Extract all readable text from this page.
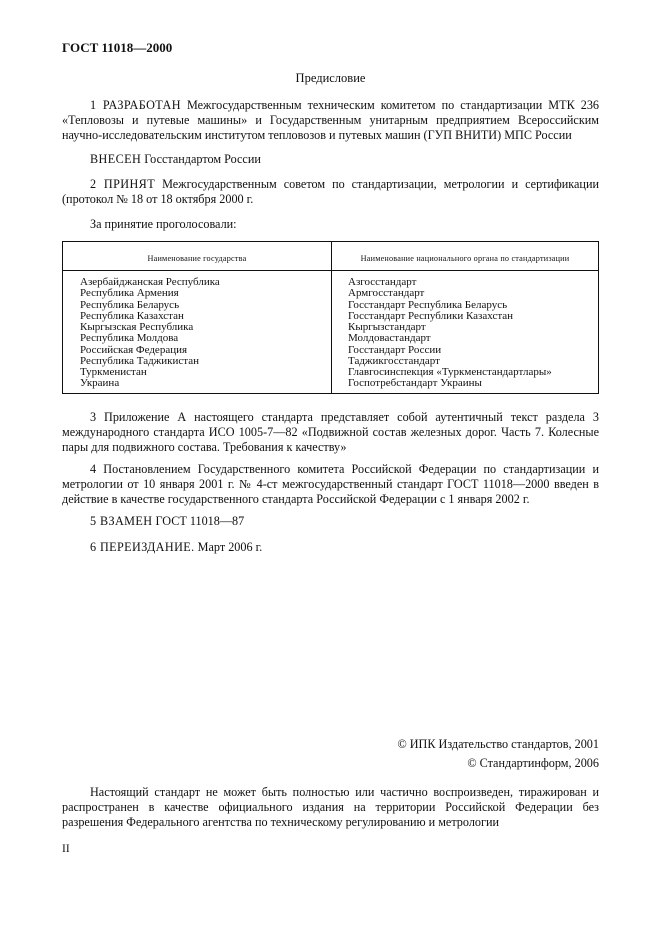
ГОСТ 11018—2000
Предисловие
1 РАЗРАБОТАН Межгосударственным техническим комитетом по стандартизации МТК 236 «Тепловозы и путевые машины» и Государственным унитарным предприятием Всероссийским научно-исследовательским институтом тепловозов и путевых машин (ГУП ВНИТИ) МПС России
ВНЕСЕН Госстандартом России
2 ПРИНЯТ Межгосударственным советом по стандартизации, метрологии и сертификации (протокол № 18 от 18 октября 2000 г.
За принятие проголосовали:
Наименование государства	Наименование национального органа по стандартизации
Азербайджанская Республика
Республика Армения
Республика Беларусь
Республика Казахстан
Кыргызская Республика
Республика Молдова
Российская Федерация
Республика Таджикистан
Туркменистан
Украина
Азгосстандарт
Армгосстандарт
Госстандарт Республика Беларусь
Госстандарт Республики Казахстан
Кыргызстандарт
Молдовастандарт
Госстандарт России
Таджикгосстандарт
Главгосинспекция «Туркменстандартлары»
Госпотребстандарт Украины
3 Приложение А настоящего стандарта представляет собой аутентичный текст раздела 3 международного стандарта ИСО 1005-7—82 «Подвижной состав железных дорог. Часть 7. Колесные пары для подвижного состава. Требования к качеству»
4 Постановлением Государственного комитета Российской Федерации по стандартизации и метрологии от 10 января 2001 г. № 4-ст межгосударственный стандарт ГОСТ 11018—2000 введен в действие в качестве государственного стандарта Российской Федерации с 1 января 2002 г.
5 ВЗАМЕН ГОСТ 11018—87
6 ПЕРЕИЗДАНИЕ. Март 2006 г.
© ИПК Издательство стандартов, 2001
© Стандартинформ, 2006
Настоящий стандарт не может быть полностью или частично воспроизведен, тиражирован и распространен в качестве официального издания на территории Российской Федерации без разрешения Федерального агентства по техническому регулированию и метрологии
II
